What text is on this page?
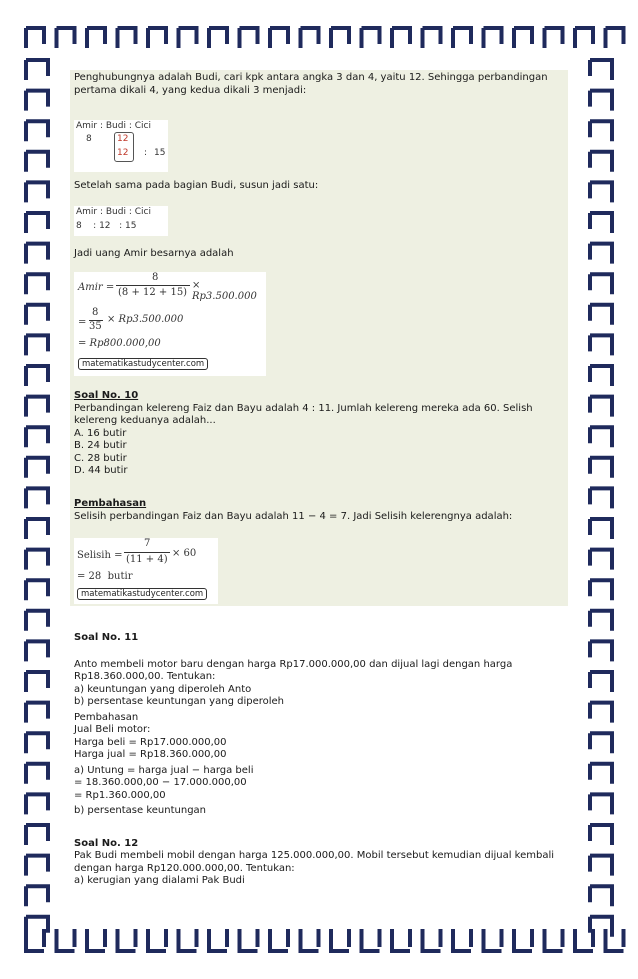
Penghubungnya adalah Budi, cari kpk antara angka 3 dan 4, yaitu 12. Sehingga perbandingan pertama dikali 4, yang kedua dikali 3 menjadi:

Amir : Budi : Cici
8	12
12 : 15

Setelah sama pada bagian Budi, susun jadi satu:

Amir : Budi : Cici
8    : 12   : 15

Jadi uang Amir besarnya adalah

Amir =
8
(8 + 12 + 15)
× Rp3.500.000
=
8
35
× Rp3.500.000
= Rp800.000,00
matematikastudycenter.com

Soal No. 10

Perbandingan kelereng Faiz dan Bayu adalah 4 : 11. Jumlah kelereng mereka ada 60. Selish kelereng keduanya adalah...

A. 16 butir

B. 24 butir

C. 28 butir

D. 44 butir

Pembahasan

Selisih perbandingan Faiz dan Bayu adalah 11 − 4 = 7. Jadi Selisih kelerengnya adalah:

Selisih =
7
(11 + 4)
× 60
= 28  butir
matematikastudycenter.com

Soal No. 11

Anto membeli motor baru dengan harga Rp17.000.000,00 dan dijual lagi dengan harga Rp18.360.000,00. Tentukan:

a) keuntungan yang diperoleh Anto

b) persentase keuntungan yang diperoleh

Pembahasan

Jual Beli motor:

Harga beli = Rp17.000.000,00

Harga jual = Rp18.360.000,00

a) Untung = harga jual − harga beli

= 18.360.000,00 − 17.000.000,00

= Rp1.360.000,00

b) persentase keuntungan

Soal No. 12

Pak Budi membeli mobil dengan harga 125.000.000,00. Mobil tersebut kemudian dijual kembali dengan harga Rp120.000.000,00. Tentukan:

a) kerugian yang dialami Pak Budi
